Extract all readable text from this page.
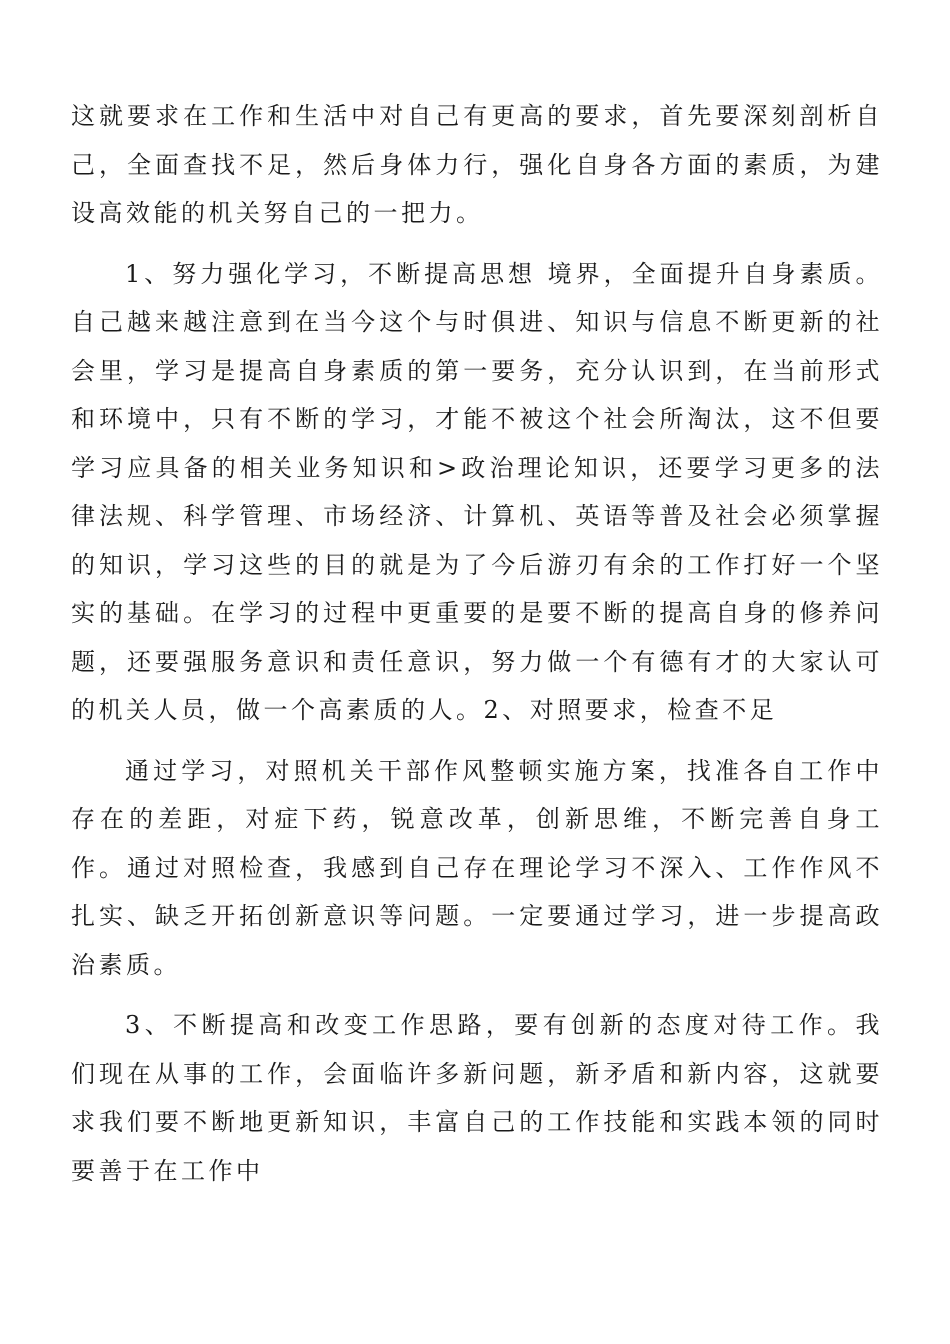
这就要求在工作和生活中对自己有更高的要求，首先要深刻剖析自己，全面查找不足，然后身体力行，强化自身各方面的素质，为建设高效能的机关努自己的一把力。

1、努力强化学习，不断提高思想 境界，全面提升自身素质。自己越来越注意到在当今这个与时俱进、知识与信息不断更新的社会里，学习是提高自身素质的第一要务，充分认识到，在当前形式和环境中，只有不断的学习，才能不被这个社会所淘汰，这不但要学习应具备的相关业务知识和>政治理论知识，还要学习更多的法律法规、科学管理、市场经济、计算机、英语等普及社会必须掌握的知识，学习这些的目的就是为了今后游刃有余的工作打好一个坚实的基础。在学习的过程中更重要的是要不断的提高自身的修养问题，还要强服务意识和责任意识，努力做一个有德有才的大家认可的机关人员，做一个高素质的人。2、对照要求，检查不足

通过学习，对照机关干部作风整顿实施方案，找准各自工作中存在的差距，对症下药，锐意改革，创新思维，不断完善自身工作。通过对照检查，我感到自己存在理论学习不深入、工作作风不扎实、缺乏开拓创新意识等问题。一定要通过学习，进一步提高政治素质。

3、不断提高和改变工作思路，要有创新的态度对待工作。我们现在从事的工作，会面临许多新问题，新矛盾和新内容，这就要求我们要不断地更新知识，丰富自己的工作技能和实践本领的同时要善于在工作中
